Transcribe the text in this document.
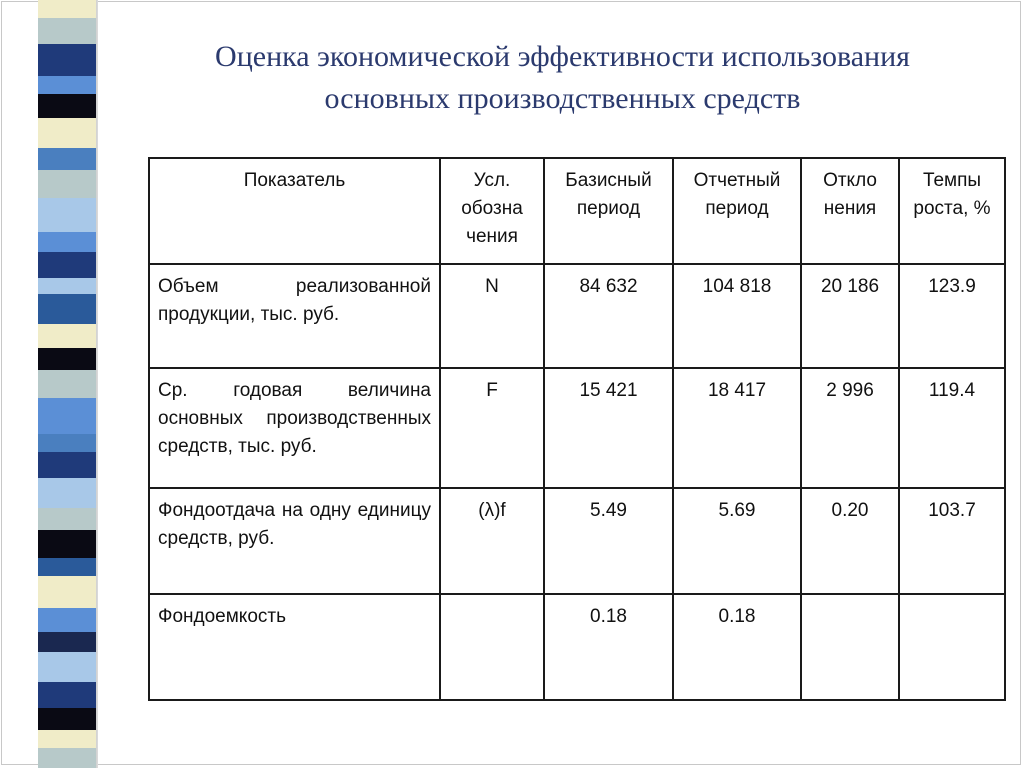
Оценка экономической эффективности использования
основных производственных средств
Показатель	Усл. обозна чения	Базисный период	Отчетный период	Откло нения	Темпы роста, %
Объем реализованной продукции, тыс. руб.	N	84 632	104 818	20 186	123.9
Ср. годовая величина основных производственных средств, тыс. руб.	F	15 421	18 417	2 996	119.4
Фондоотдача на одну единицу средств, руб.	(λ)f	5.49	5.69	0.20	103.7
Фондоемкость		0.18	0.18		
